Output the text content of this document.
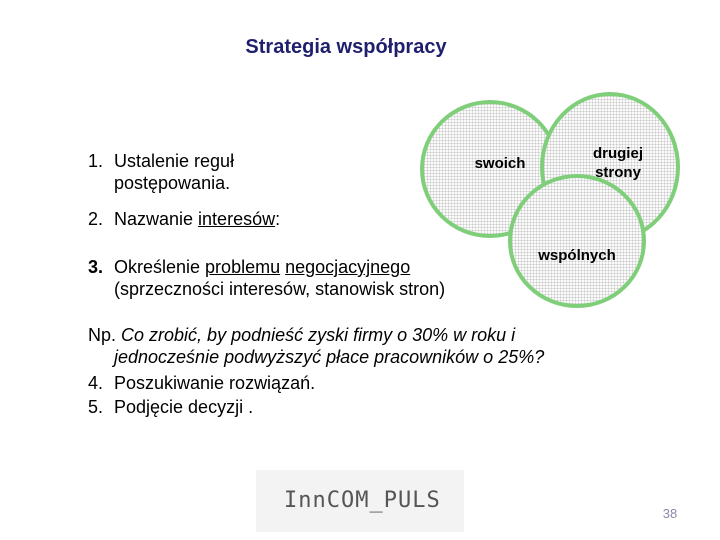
Strategia współpracy
1. Ustalenie reguł
postępowania.
2. Nazwanie interesów:
3. Określenie problemu negocjacyjnego
(sprzeczności interesów, stanowisk stron)
Np. Co zrobić, by podnieść zyski firmy o 30% w roku i
jednocześnie podwyższyć płace pracowników o 25%?
4. Poszukiwanie rozwiązań.
5. Podjęcie decyzji .
swoich
drugiej
strony
wspólnych
InnCOM_PULS
38
